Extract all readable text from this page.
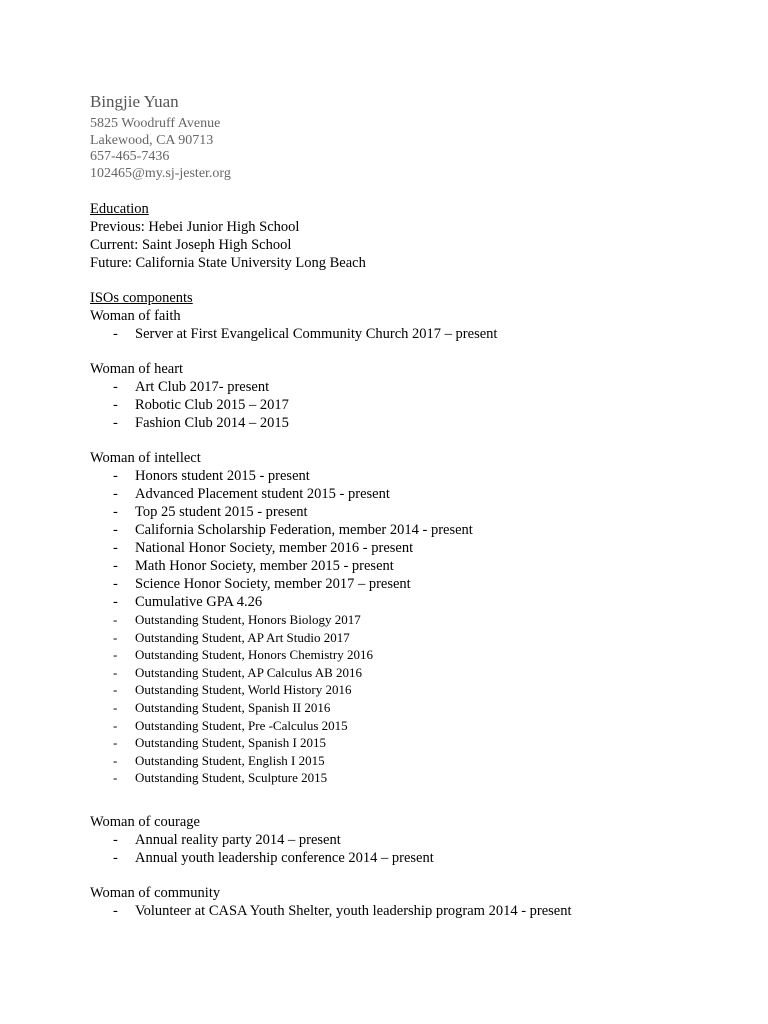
Bingjie Yuan
5825 Woodruff Avenue
Lakewood, CA 90713
657-465-7436
102465@my.sj-jester.org
Education
Previous: Hebei Junior High School
Current: Saint Joseph High School
Future: California State University Long Beach
ISOs components
Woman of faith
- Server at First Evangelical Community Church 2017 – present
Woman of heart
- Art Club 2017- present
- Robotic Club 2015 – 2017
- Fashion Club 2014 – 2015
Woman of intellect
- Honors student 2015 - present
- Advanced Placement student 2015 - present
- Top 25 student 2015 - present
- California Scholarship Federation, member 2014 - present
- National Honor Society, member 2016 - present
- Math Honor Society, member 2015 - present
- Science Honor Society, member 2017 – present
- Cumulative GPA 4.26
- Outstanding Student, Honors Biology 2017
- Outstanding Student, AP Art Studio 2017
- Outstanding Student, Honors Chemistry 2016
- Outstanding Student, AP Calculus AB 2016
- Outstanding Student, World History 2016
- Outstanding Student, Spanish II 2016
- Outstanding Student, Pre -Calculus 2015
- Outstanding Student, Spanish I 2015
- Outstanding Student, English I 2015
- Outstanding Student, Sculpture 2015
Woman of courage
- Annual reality party 2014 – present
- Annual youth leadership conference 2014 – present
Woman of community
- Volunteer at CASA Youth Shelter, youth leadership program 2014 - present
